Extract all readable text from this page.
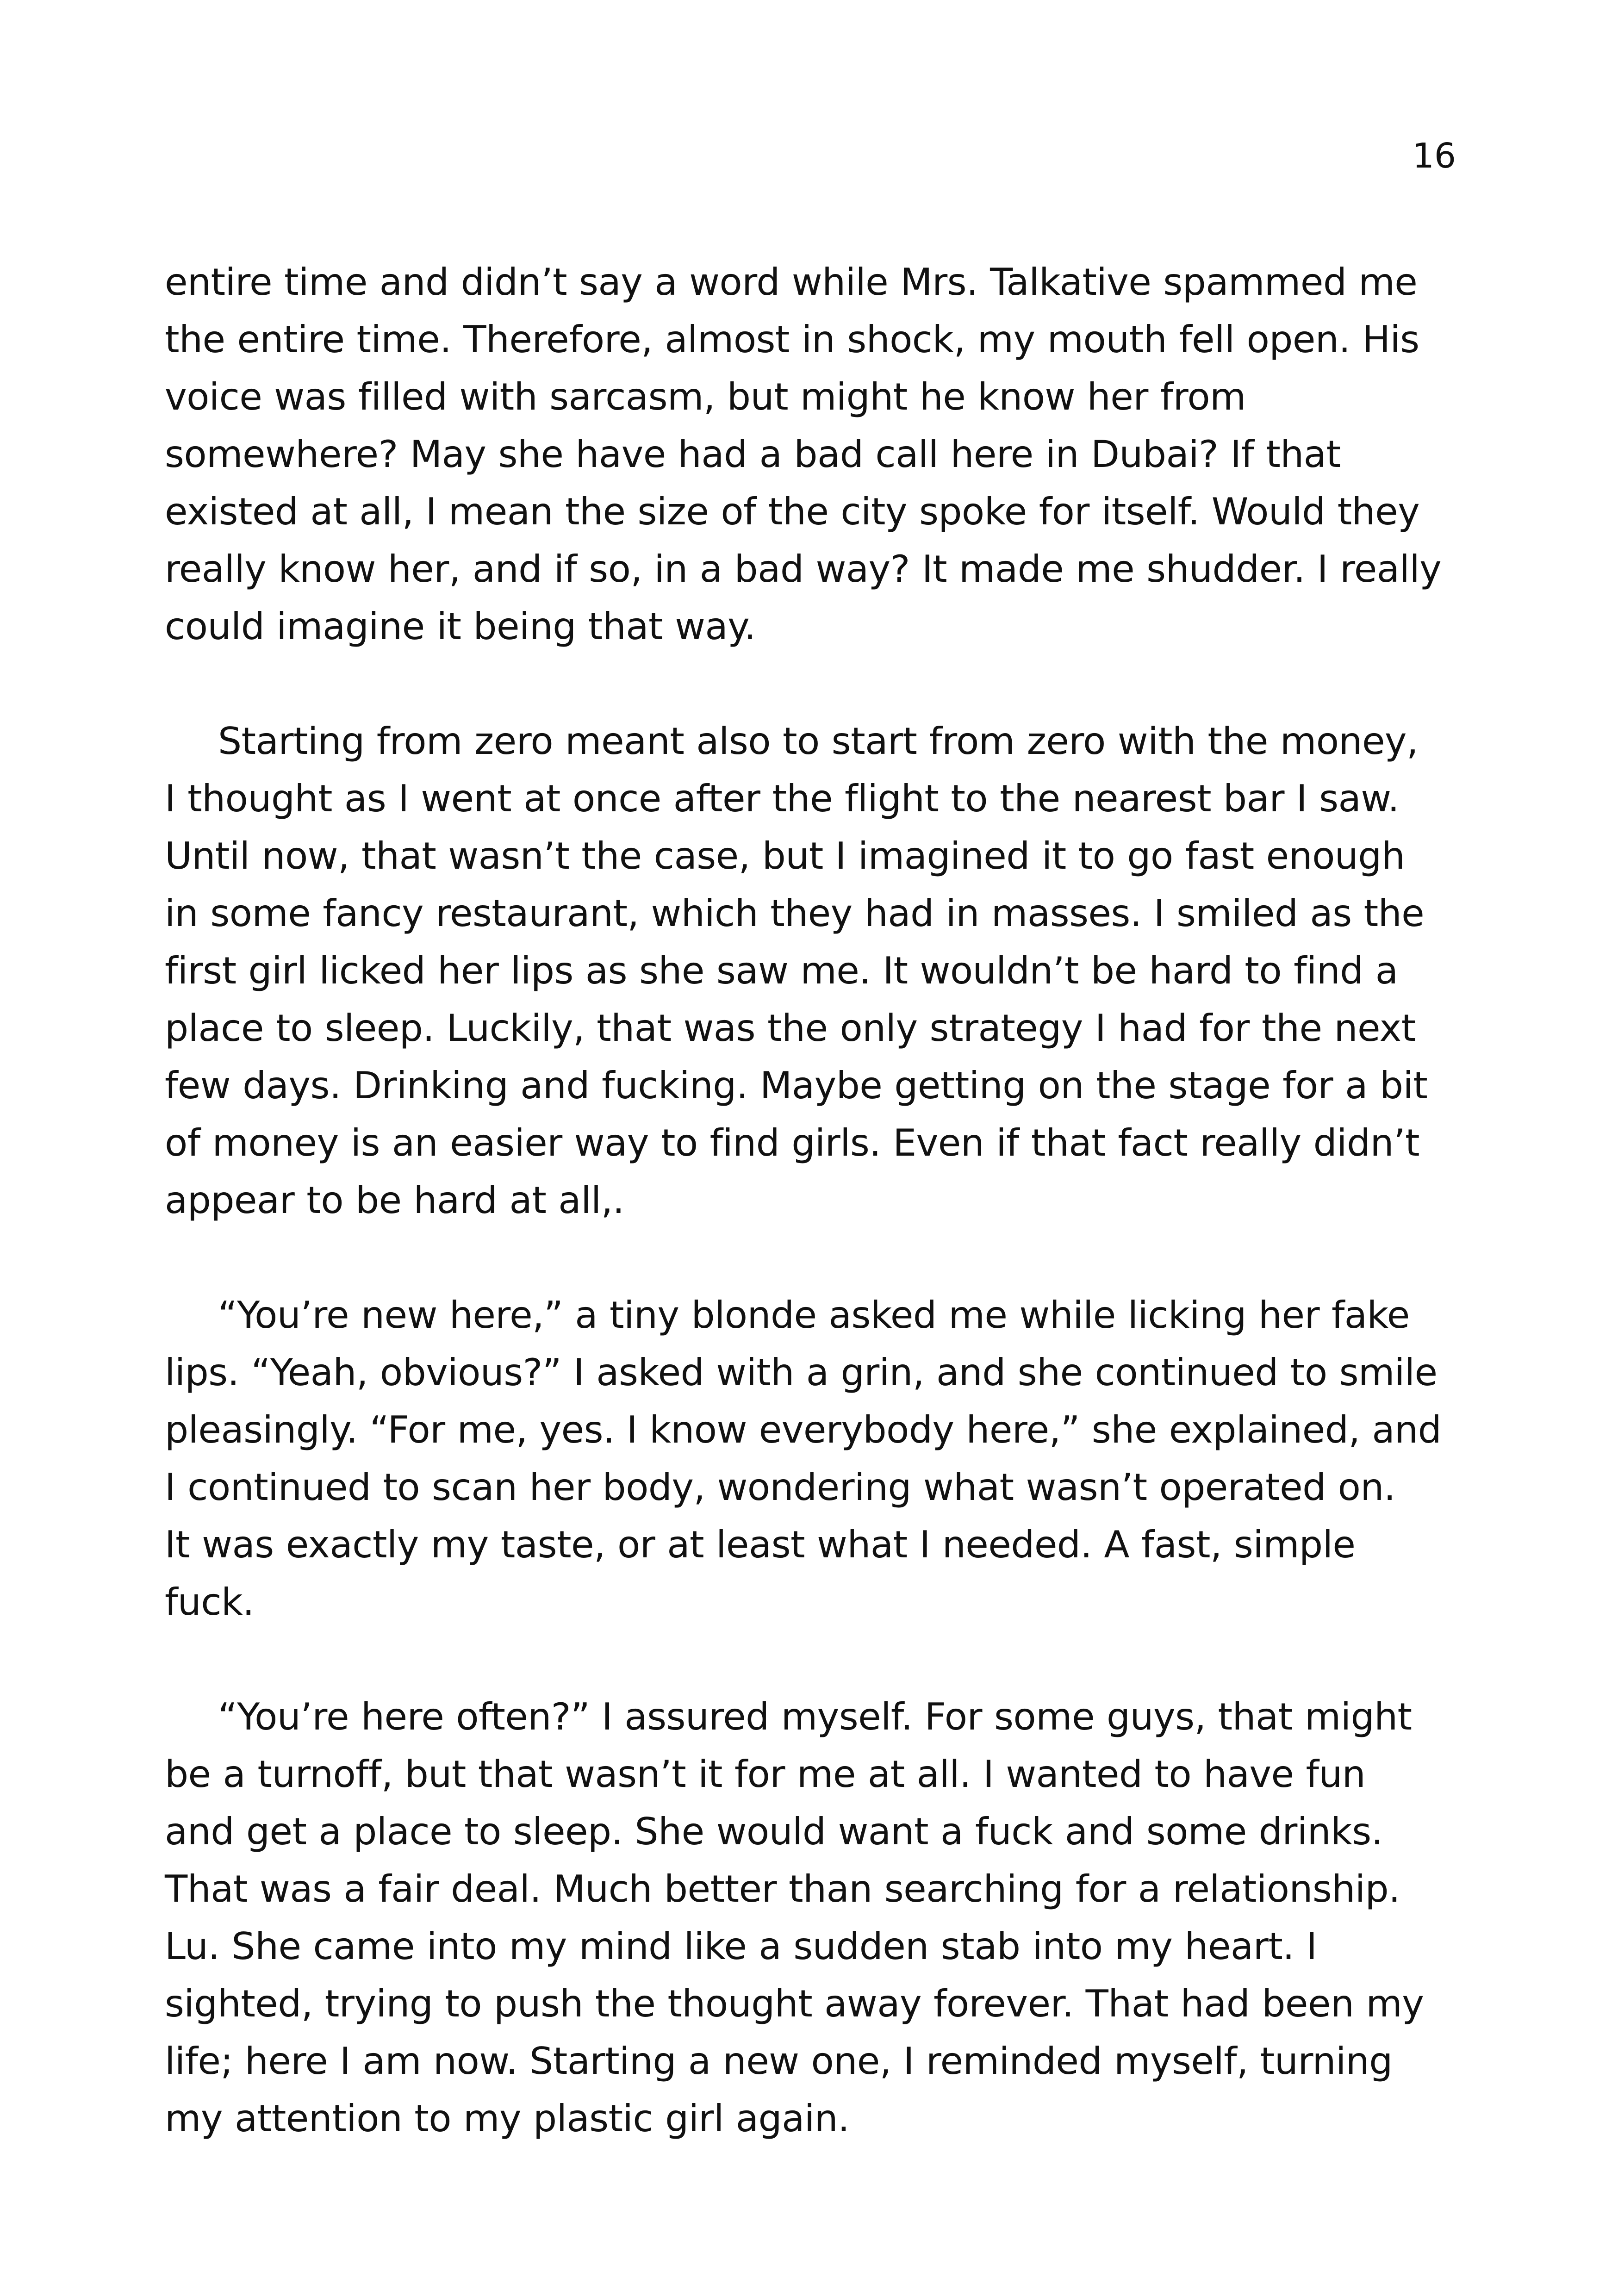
16
entire time and didn’t say a word while Mrs. Talkative spammed me
the entire time. Therefore, almost in shock, my mouth fell open. His
voice was filled with sarcasm, but might he know her from
somewhere? May she have had a bad call here in Dubai? If that
existed at all, I mean the size of the city spoke for itself. Would they
really know her, and if so, in a bad way? It made me shudder. I really
could imagine it being that way.
Starting from zero meant also to start from zero with the money,
I thought as I went at once after the flight to the nearest bar I saw.
Until now, that wasn’t the case, but I imagined it to go fast enough
in some fancy restaurant, which they had in masses. I smiled as the
first girl licked her lips as she saw me. It wouldn’t be hard to find a
place to sleep. Luckily, that was the only strategy I had for the next
few days. Drinking and fucking. Maybe getting on the stage for a bit
of money is an easier way to find girls. Even if that fact really didn’t
appear to be hard at all,.
“You’re new here,” a tiny blonde asked me while licking her fake
lips. “Yeah, obvious?” I asked with a grin, and she continued to smile
pleasingly. “For me, yes. I know everybody here,” she explained, and
I continued to scan her body, wondering what wasn’t operated on.
It was exactly my taste, or at least what I needed. A fast, simple
fuck.
“You’re here often?” I assured myself. For some guys, that might
be a turnoff, but that wasn’t it for me at all. I wanted to have fun
and get a place to sleep. She would want a fuck and some drinks.
That was a fair deal. Much better than searching for a relationship.
Lu. She came into my mind like a sudden stab into my heart. I
sighted, trying to push the thought away forever. That had been my
life; here I am now. Starting a new one, I reminded myself, turning
my attention to my plastic girl again.
